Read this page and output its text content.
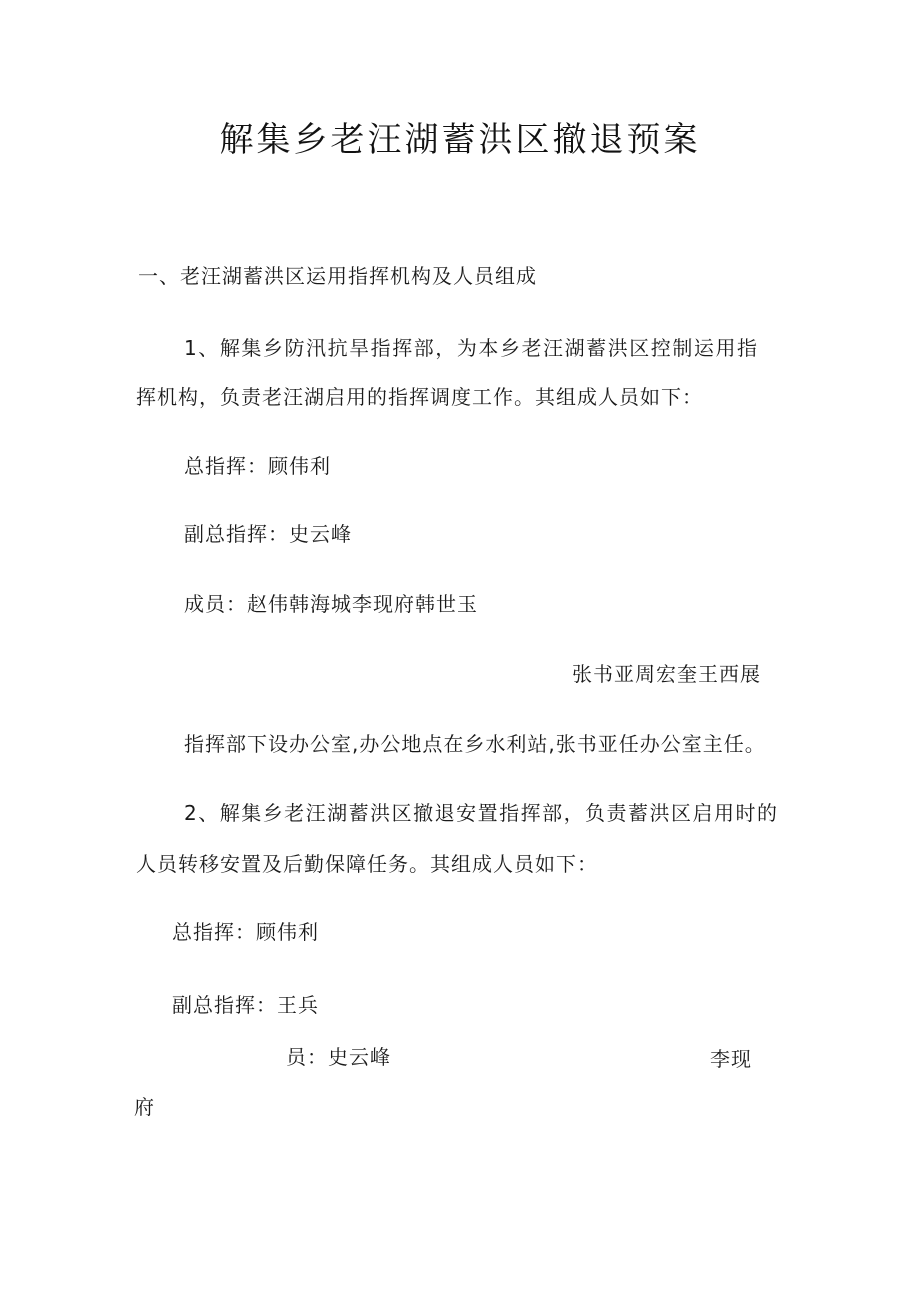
解集乡老汪湖蓄洪区撤退预案
一、老汪湖蓄洪区运用指挥机构及人员组成
1、解集乡防汛抗旱指挥部，为本乡老汪湖蓄洪区控制运用指
挥机构，负责老汪湖启用的指挥调度工作。其组成人员如下：
总指挥：顾伟利
副总指挥：史云峰
成员：赵伟韩海城李现府韩世玉
张书亚周宏奎王西展
指挥部下设办公室,办公地点在乡水利站,张书亚任办公室主任。
2、解集乡老汪湖蓄洪区撤退安置指挥部，负责蓄洪区启用时的
人员转移安置及后勤保障任务。其组成人员如下：
总指挥：顾伟利
副总指挥：王兵
员：史云峰	李现
府
